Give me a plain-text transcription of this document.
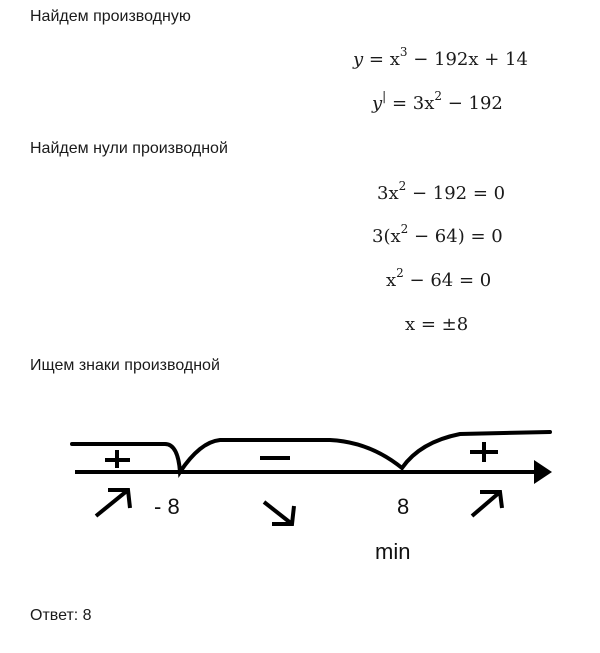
Найдем производную
$y = x^3 - 192x + 14$
$y^| = 3x^2 - 192$
Найдем нули производной
$3x^2 - 192 = 0$
$3(x^2 - 64) = 0$
$x^2 - 64 = 0$
x = ±8
Ищем знаки производной
- 8	8
min
Ответ: 8
